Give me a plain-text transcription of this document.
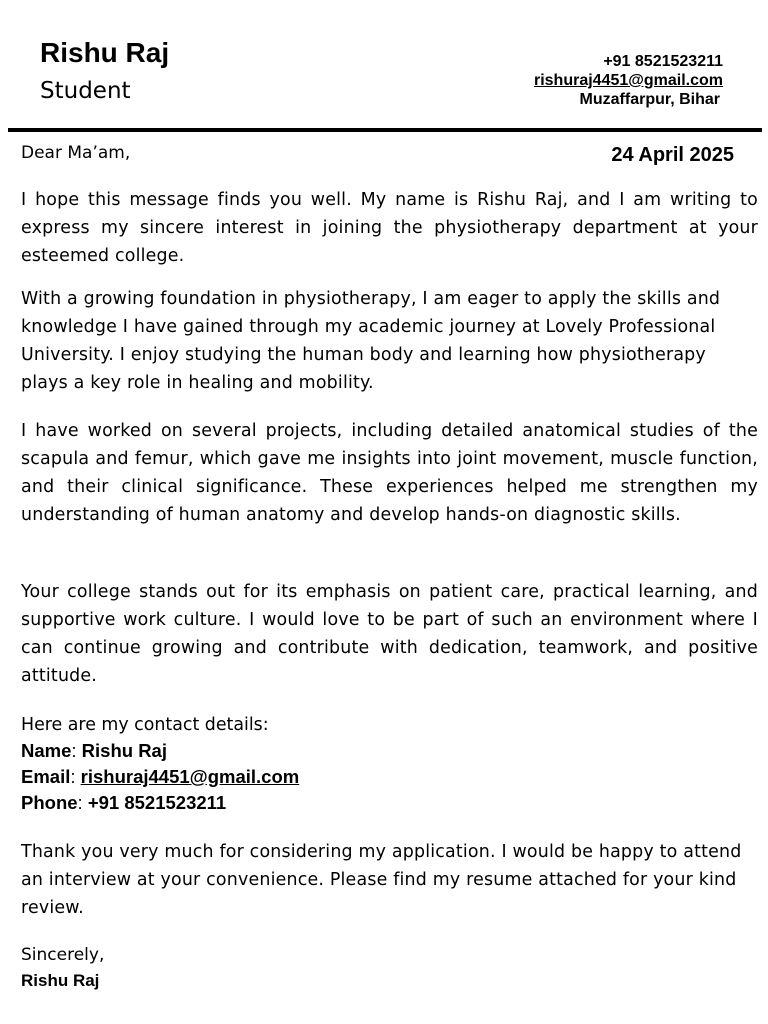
Rishu Raj
Student
+91 8521523211
rishuraj4451@gmail.com
Muzaffarpur, Bihar
Dear Ma’am,	24 April 2025

I hope this message finds you well. My name is Rishu Raj, and I am writing to express my sincere interest in joining the physiotherapy department at your esteemed college.

With a growing foundation in physiotherapy, I am eager to apply the skills and knowledge I have gained through my academic journey at Lovely Professional University. I enjoy studying the human body and learning how physiotherapy plays a key role in healing and mobility.

I have worked on several projects, including detailed anatomical studies of the scapula and femur, which gave me insights into joint movement, muscle function, and their clinical significance. These experiences helped me strengthen my understanding of human anatomy and develop hands-on diagnostic skills.

Your college stands out for its emphasis on patient care, practical learning, and supportive work culture. I would love to be part of such an environment where I can continue growing and contribute with dedication, teamwork, and positive attitude.

Here are my contact details:
Name: Rishu Raj
Email: rishuraj4451@gmail.com
Phone: +91 8521523211

Thank you very much for considering my application. I would be happy to attend an interview at your convenience. Please find my resume attached for your kind review.

Sincerely,
Rishu Raj
